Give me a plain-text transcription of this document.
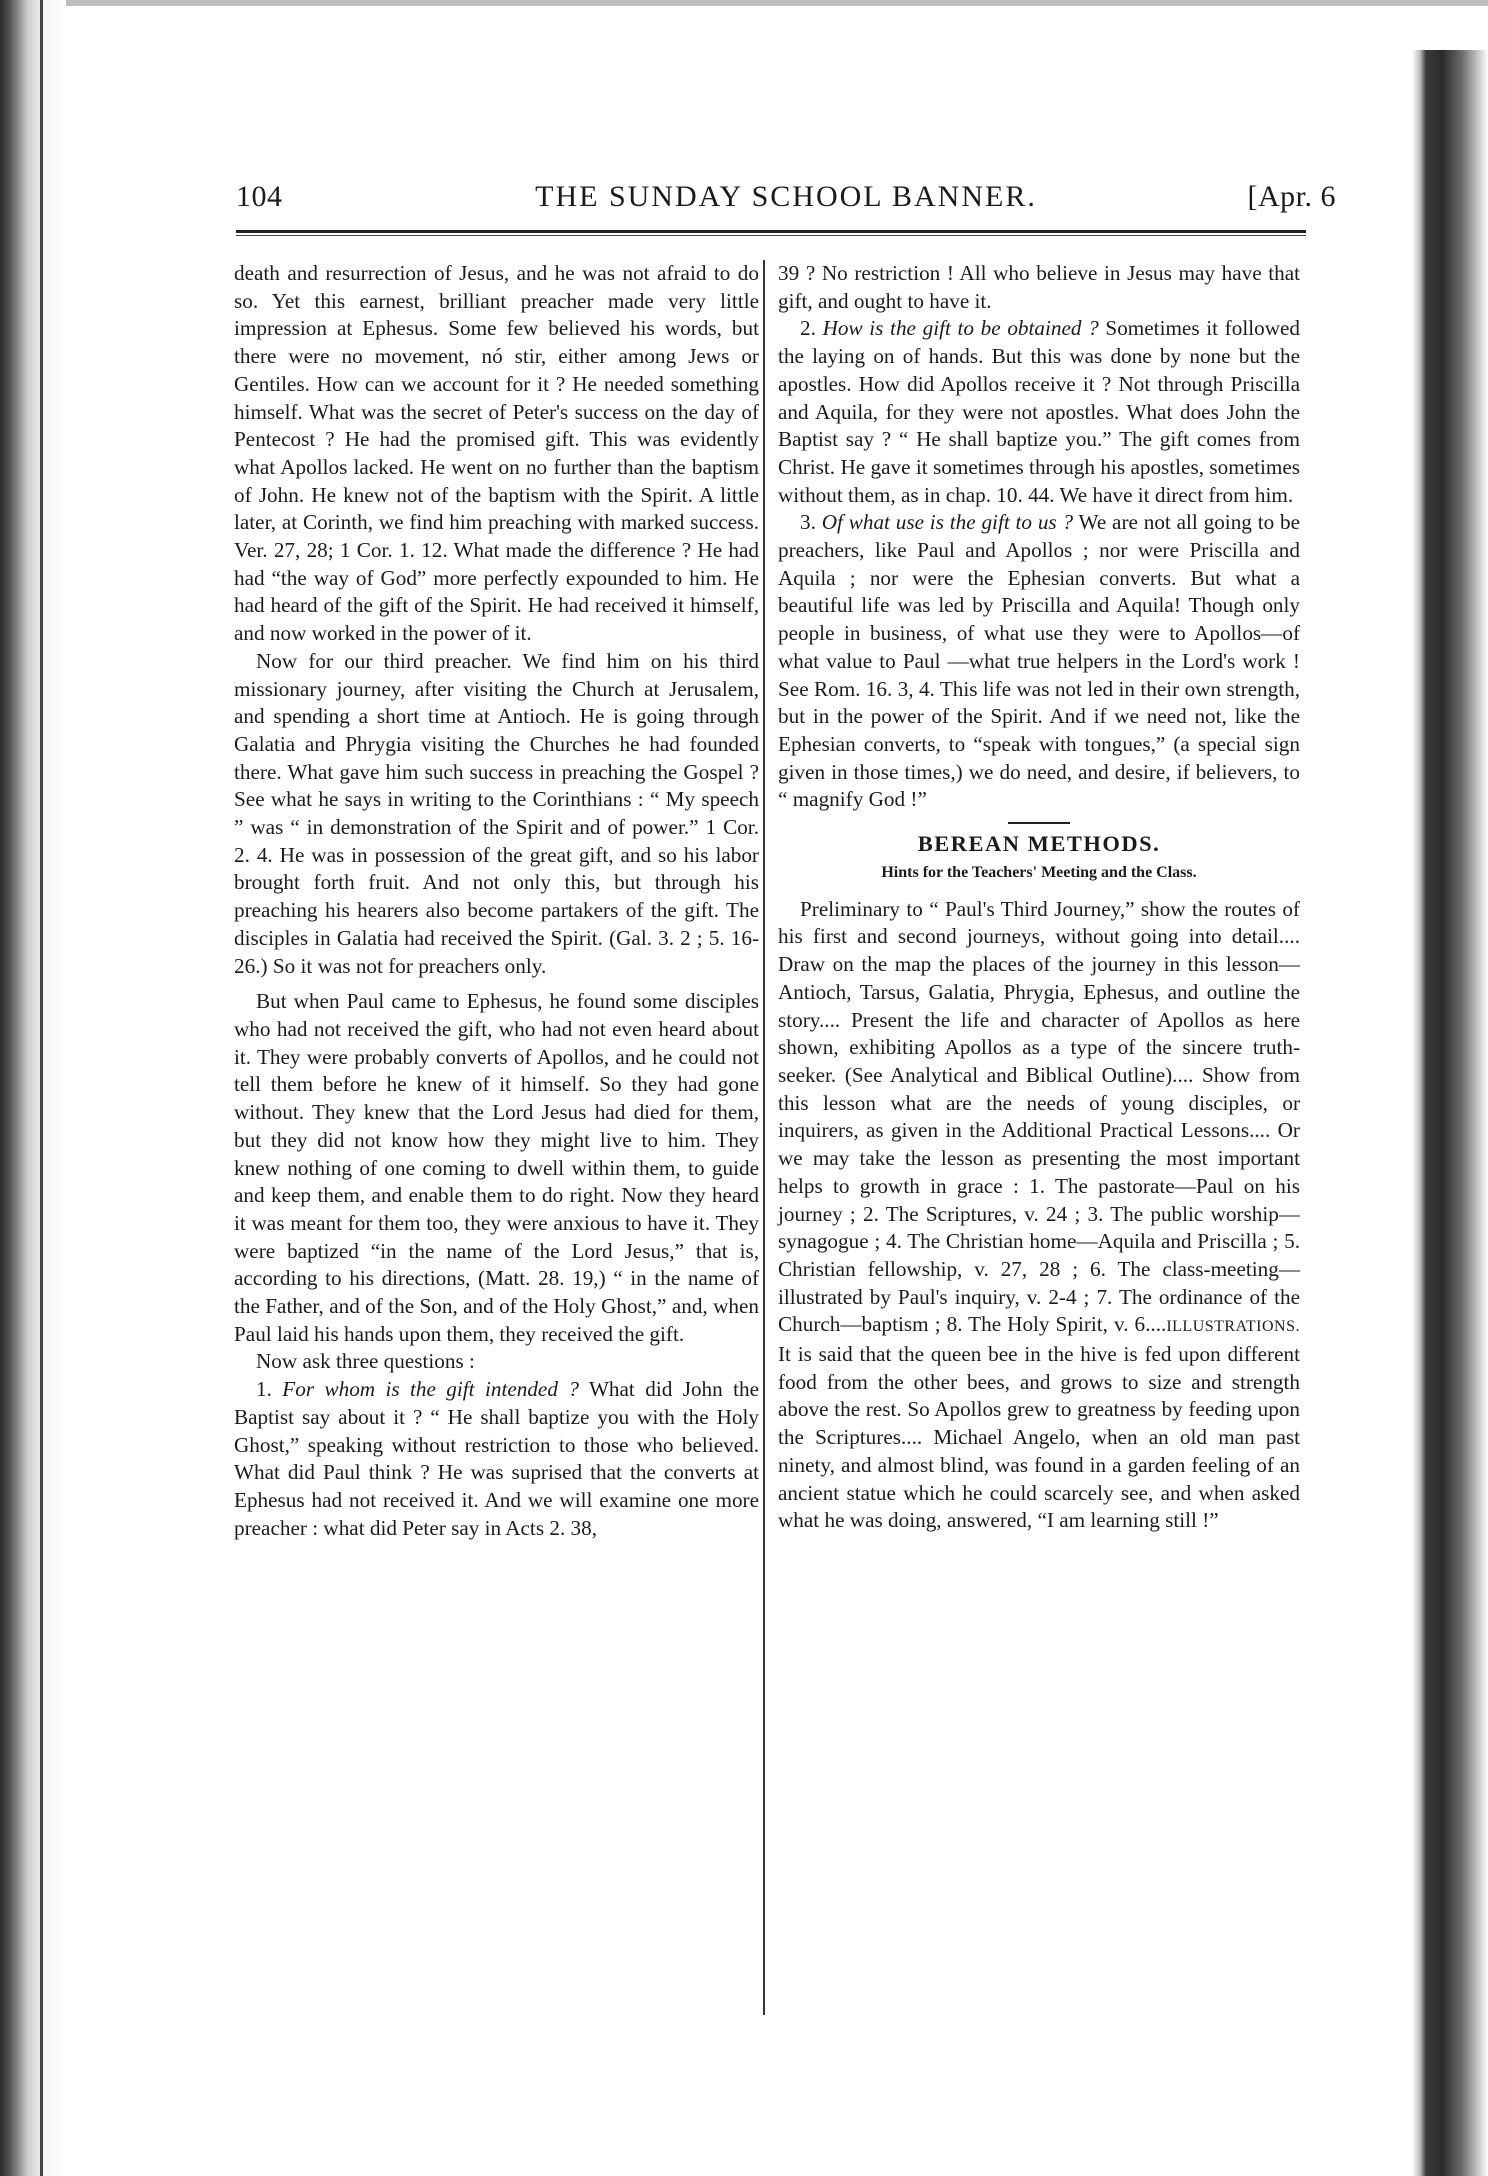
104	THE SUNDAY SCHOOL BANNER.	[Apr. 6

death and resurrection of Jesus, and he was not afraid to do so. Yet this earnest, brilliant preacher made very little impression at Ephesus. Some few believed his words, but there were no movement, nó stir, either among Jews or Gentiles. How can we account for it ? He needed something himself. What was the secret of Peter's success on the day of Pentecost ? He had the promised gift. This was evidently what Apollos lacked. He went on no further than the baptism of John. He knew not of the baptism with the Spirit. A little later, at Corinth, we find him preaching with marked success. Ver. 27, 28; 1 Cor. 1. 12. What made the difference ? He had had “the way of God” more perfectly expounded to him. He had heard of the gift of the Spirit. He had received it himself, and now worked in the power of it.

Now for our third preacher. We find him on his third missionary journey, after visiting the Church at Jerusalem, and spending a short time at Antioch. He is going through Galatia and Phrygia visiting the Churches he had founded there. What gave him such success in preaching the Gospel ? See what he says in writing to the Corinthians : “ My speech ” was “ in demonstration of the Spirit and of power.” 1 Cor. 2. 4. He was in possession of the great gift, and so his labor brought forth fruit. And not only this, but through his preaching his hearers also become partakers of the gift. The disciples in Galatia had received the Spirit. (Gal. 3. 2 ; 5. 16-26.) So it was not for preachers only.

But when Paul came to Ephesus, he found some disciples who had not received the gift, who had not even heard about it. They were probably converts of Apollos, and he could not tell them before he knew of it himself. So they had gone without. They knew that the Lord Jesus had died for them, but they did not know how they might live to him. They knew nothing of one coming to dwell within them, to guide and keep them, and enable them to do right. Now they heard it was meant for them too, they were anxious to have it. They were baptized “in the name of the Lord Jesus,” that is, according to his directions, (Matt. 28. 19,) “ in the name of the Father, and of the Son, and of the Holy Ghost,” and, when Paul laid his hands upon them, they received the gift.

Now ask three questions :

1. For whom is the gift intended ? What did John the Baptist say about it ? “ He shall baptize you with the Holy Ghost,” speaking without restriction to those who believed. What did Paul think ? He was suprised that the converts at Ephesus had not received it. And we will examine one more preacher : what did Peter say in Acts 2. 38,

39 ? No restriction ! All who believe in Jesus may have that gift, and ought to have it.

2. How is the gift to be obtained ? Sometimes it followed the laying on of hands. But this was done by none but the apostles. How did Apollos receive it ? Not through Priscilla and Aquila, for they were not apostles. What does John the Baptist say ? “ He shall baptize you.” The gift comes from Christ. He gave it sometimes through his apostles, sometimes without them, as in chap. 10. 44. We have it direct from him.

3. Of what use is the gift to us ? We are not all going to be preachers, like Paul and Apollos ; nor were Priscilla and Aquila ; nor were the Ephesian converts. But what a beautiful life was led by Priscilla and Aquila! Though only people in business, of what use they were to Apollos—of what value to Paul —what true helpers in the Lord's work ! See Rom. 16. 3, 4. This life was not led in their own strength, but in the power of the Spirit. And if we need not, like the Ephesian converts, to “speak with tongues,” (a special sign given in those times,) we do need, and desire, if believers, to “ magnify God !”

BEREAN METHODS.
Hints for the Teachers' Meeting and the Class.

Preliminary to “ Paul's Third Journey,” show the routes of his first and second journeys, without going into detail.... Draw on the map the places of the journey in this lesson—Antioch, Tarsus, Galatia, Phrygia, Ephesus, and outline the story.... Present the life and character of Apollos as here shown, exhibiting Apollos as a type of the sincere truth-seeker. (See Analytical and Biblical Outline).... Show from this lesson what are the needs of young disciples, or inquirers, as given in the Additional Practical Lessons.... Or we may take the lesson as presenting the most important helps to growth in grace : 1. The pastorate—Paul on his journey ; 2. The Scriptures, v. 24 ; 3. The public worship—synagogue ; 4. The Christian home—Aquila and Priscilla ; 5. Christian fellowship, v. 27, 28 ; 6. The class-meeting—illustrated by Paul's inquiry, v. 2-4 ; 7. The ordinance of the Church—baptism ; 8. The Holy Spirit, v. 6....ILLUSTRATIONS. It is said that the queen bee in the hive is fed upon different food from the other bees, and grows to size and strength above the rest. So Apollos grew to greatness by feeding upon the Scriptures.... Michael Angelo, when an old man past ninety, and almost blind, was found in a garden feeling of an ancient statue which he could scarcely see, and when asked what he was doing, answered, “I am learning still !”
